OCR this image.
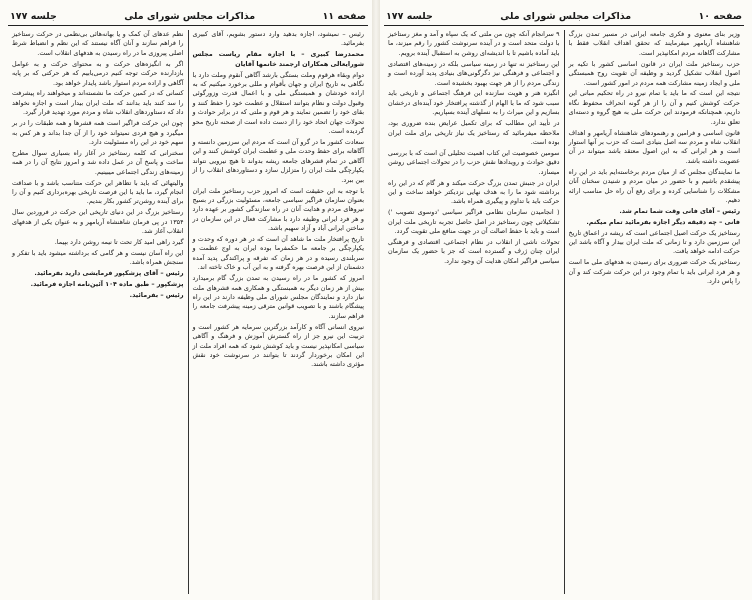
صفحه ۱۱
مذاکرات مجلس شورای ملی
جلسه ۱۷۷

رئیس – نمیشود، اجازه بدهید وارد دستور بشویم، آقای کبیری بفرمائید.

محمدرضا کبیری – با اجازه مقام ریاست مجلس شورایعالی همکاران ارجمند خانمها آقایان

دوام وبقاء هرقوم وملت بستگی بارشد آگاهی آنقوم وملت دارد با نگاهی به تاریخ ایران و جهان بأقوام و مللی برخورد میکنیم که به اراده خودشان و همبستگی ملی و با اعمال قدرت وزورگوئی وقبول دولت و نظام بتوانند استقلال و عظمت خود را حفظ کنند و بقای خود را تضمین نمایند و هر قوم و ملتی که در برابر حوادث و تحولات جهان اتحاد خود را از دست داده است از صحنه تاریخ محو گردیده است.

سعادت کشور ما در گرو آن است که مردم این سرزمین دانسته و آگاهانه برای حفظ وحدت ملی و عظمت ایران کوشش کنند و این آگاهی در تمام قشرهای جامعه ریشه بدواند تا هیچ نیرویی نتواند یکپارچگی ملت ایران را متزلزل سازد و دستاوردهای انقلاب را از بین ببرد.

با توجه به این حقیقت است که امروز حزب رستاخیز ملت ایران بعنوان سازمان فراگیر سیاسی جامعه، مسئولیت بزرگی در بسیج نیروهای مردم و هدایت آنان در راه سازندگی کشور بر عهده دارد و هر فرد ایرانی وظیفه دارد با مشارکت فعال در این سازمان در ساختن ایرانی آباد و آزاد سهیم باشد.

تاریخ پرافتخار ملت ما شاهد آن است که در هر دوره که وحدت و یکپارچگی بر جامعه ما حکمفرما بوده ایران به اوج عظمت و سربلندی رسیده و در هر زمان که تفرقه و پراکندگی پدید آمده دشمنان از این فرصت بهره گرفته و به این آب و خاک تاخته اند.

امروز که کشور ما در راه رسیدن به تمدن بزرگ گام برمیدارد بیش از هر زمان دیگر به همبستگی و همکاری همه قشرهای ملت نیاز دارد و نمایندگان مجلس شورای ملی وظیفه دارند در این راه پیشگام باشند و با تصویب قوانین مترقی زمینه پیشرفت جامعه را فراهم سازند.

نیروی انسانی آگاه و کارآمد بزرگترین سرمایه هر کشور است و تربیت این نیرو جز از راه گسترش آموزش و فرهنگ و آگاهی سیاسی امکانپذیر نیست و باید کوشش شود که همه افراد ملت از این امکان برخوردار گردند تا بتوانند در سرنوشت خود نقش مؤثری داشته باشند.

نظم عدهای آن کمک و یا بهانه‌هائی بی‌نظمی در حرکت رستاخیز را فراهم سازند و آنان آگاه نیستند که این نظم و انضباط شرط اصلی پیروزی ما در راه رسیدن به هدفهای انقلاب است.

اگر به انگیزه‌های حرکت و به محتوای حرکت و به عوامل بازدارنده حرکت توجه کنیم درمی‌یابیم که هر حرکتی که بر پایه آگاهی و اراده مردم استوار باشد پایدار خواهد بود.

کسانی که در کمین حرکت ما نشسته‌اند و میخواهند راه پیشرفت را سد کنند باید بدانند که ملت ایران بیدار است و اجازه نخواهد داد که دستاوردهای انقلاب شاه و مردم مورد تهدید قرار گیرد.

چون این حرکت فراگیر است همه قشرها و همه طبقات را در بر میگیرد و هیچ فردی نمیتواند خود را از آن جدا بداند و هر کس به سهم خود در این راه مسئولیت دارد.

سخنرانی که کلمه رستاخیز در آغاز راه بسیاری سوال مطرح ساخت و پاسخ آن در عمل داده شد و امروز نتایج آن را در همه زمینه‌های زندگی اجتماعی میبینیم.

والیتهائی که باید با تظاهر این حرکت متناسب باشد و با صداقت انجام گیرد، ما باید با این فرصت تاریخی بهره‌برداری کنیم و آن را برای آینده روشن‌تر کشور بکار بندیم.

رستاخیز بزرگ در این دنیای تاریخی این حرکت در فروردین سال ۱۳۵۴ در پی فرمان شاهنشاه آریامهر و به عنوان یکی از هدفهای انقلاب آغاز شد.

گیرد راهی امید کار تحت تا نیمه روشن دارد بپیما.

این راه آسان نیست و هر گامی که برداشته میشود باید با تفکر و سنجش همراه باشد.

رئیس – آقای پزشکپور فرمایشی دارید بفرمائید.

پزشکپور – طبق ماده ۱۰۴ آئین‌نامه اجازه فرمائید.

رئیس – بفرمائید.

صفحه ۱۰
مذاکرات مجلس شورای ملی
جلسه ۱۷۷

وزیر بنای معنوی و فکری جامعه ایرانی در مسیر تمدن بزرگ شاهنشاه آریامهر میفرمایند که تحقق اهداف انقلاب فقط با مشارکت آگاهانه مردم امکانپذیر است.

حزب رستاخیز ملت ایران در قانون اساسی کشور با تکیه بر اصول انقلاب تشکیل گردید و وظیفه آن تقویت روح همبستگی ملی و ایجاد زمینه مشارکت همه مردم در امور کشور است.

نتیجه این است که ما باید با تمام نیرو در راه تحکیم مبانی این حرکت کوشش کنیم و آن را از هر گونه انحراف محفوظ نگاه داریم، همچنانکه فرمودند این حرکت ملی به هیچ گروه و دسته‌ای تعلق ندارد.

قانون اساسی و فرامین و رهنمودهای شاهنشاه آریامهر و اهداف انقلاب شاه و مردم سه اصل بنیادی است که حزب بر آنها استوار است و هر ایرانی که به این اصول معتقد باشد میتواند در آن عضویت داشته باشد.

ما نمایندگان مجلس که از میان مردم برخاسته‌ایم باید در این راه پیشقدم باشیم و با حضور در میان مردم و شنیدن سخنان آنان مشکلات را شناسایی کرده و برای رفع آن راه حل مناسب ارائه دهیم.

رئیس – آقای فانی وقت شما تمام شد.

فانی – چه دقیقه دیگر اجازه بفرمائید تمام میکنم.

رستاخیز یک حرکت اصیل اجتماعی است که ریشه در اعماق تاریخ این سرزمین دارد و تا زمانی که ملت ایران بیدار و آگاه باشد این حرکت ادامه خواهد یافت.

رستاخیز یک حرکت ضروری برای رسیدن به هدفهای ملی ما است و هر فرد ایرانی باید با تمام وجود در این حرکت شرکت کند و آن را پاس دارد.

۹ سرانجام آنکه چون من ملتی که یک سپاه و آمد و مغز رستاخیز با دولت متحد است و در آینده سرنوشت کشور را رقم میزند، ما باید آماده باشیم تا با اندیشه‌ای روشن به استقبال آینده برویم.

این رستاخیز نه تنها در زمینه سیاسی بلکه در زمینه‌های اقتصادی و اجتماعی و فرهنگی نیز دگرگونی‌های بنیادی پدید آورده است و زندگی مردم را از هر جهت بهبود بخشیده است.

انگیزه هنر و هویت سازنده این فرهنگ اجتماعی و تاریخی باید سبب شود که ما با الهام از گذشته پرافتخار خود آینده‌ای درخشان بسازیم و این میراث را به نسلهای آینده بسپاریم.

در تأیید این مطالب که برای تکمیل عرایض بنده ضروری بود، ملاحظه میفرمائید که رستاخیز یک نیاز تاریخی برای ملت ایران بوده است.

سومین خصوصیت این کتاب اهمیت تحلیلی آن است که با بررسی دقیق حوادث و رویدادها نقش حزب را در تحولات اجتماعی روشن میسازد.

ایران در جنبش تمدن بزرگ حرکت میکند و هر گام که در این راه برداشته شود ما را به هدف نهایی نزدیکتر خواهد ساخت و این حرکت باید با تداوم و پیگیری همراه باشد.

( انجامیدن سازمان نظامی فراگیر سیاسی 'دوسوی تصویب ') تشکیلاتی چون رستاخیز در اصل حاصل تجربه تاریخی ملت ایران است و باید با حفظ اصالت آن در جهت منافع ملی تقویت گردد.

تحولات ناشی از انقلاب در نظام اجتماعی، اقتصادی و فرهنگی ایران چنان ژرف و گسترده است که جز با حضور یک سازمان سیاسی فراگیر امکان هدایت آن وجود ندارد.
